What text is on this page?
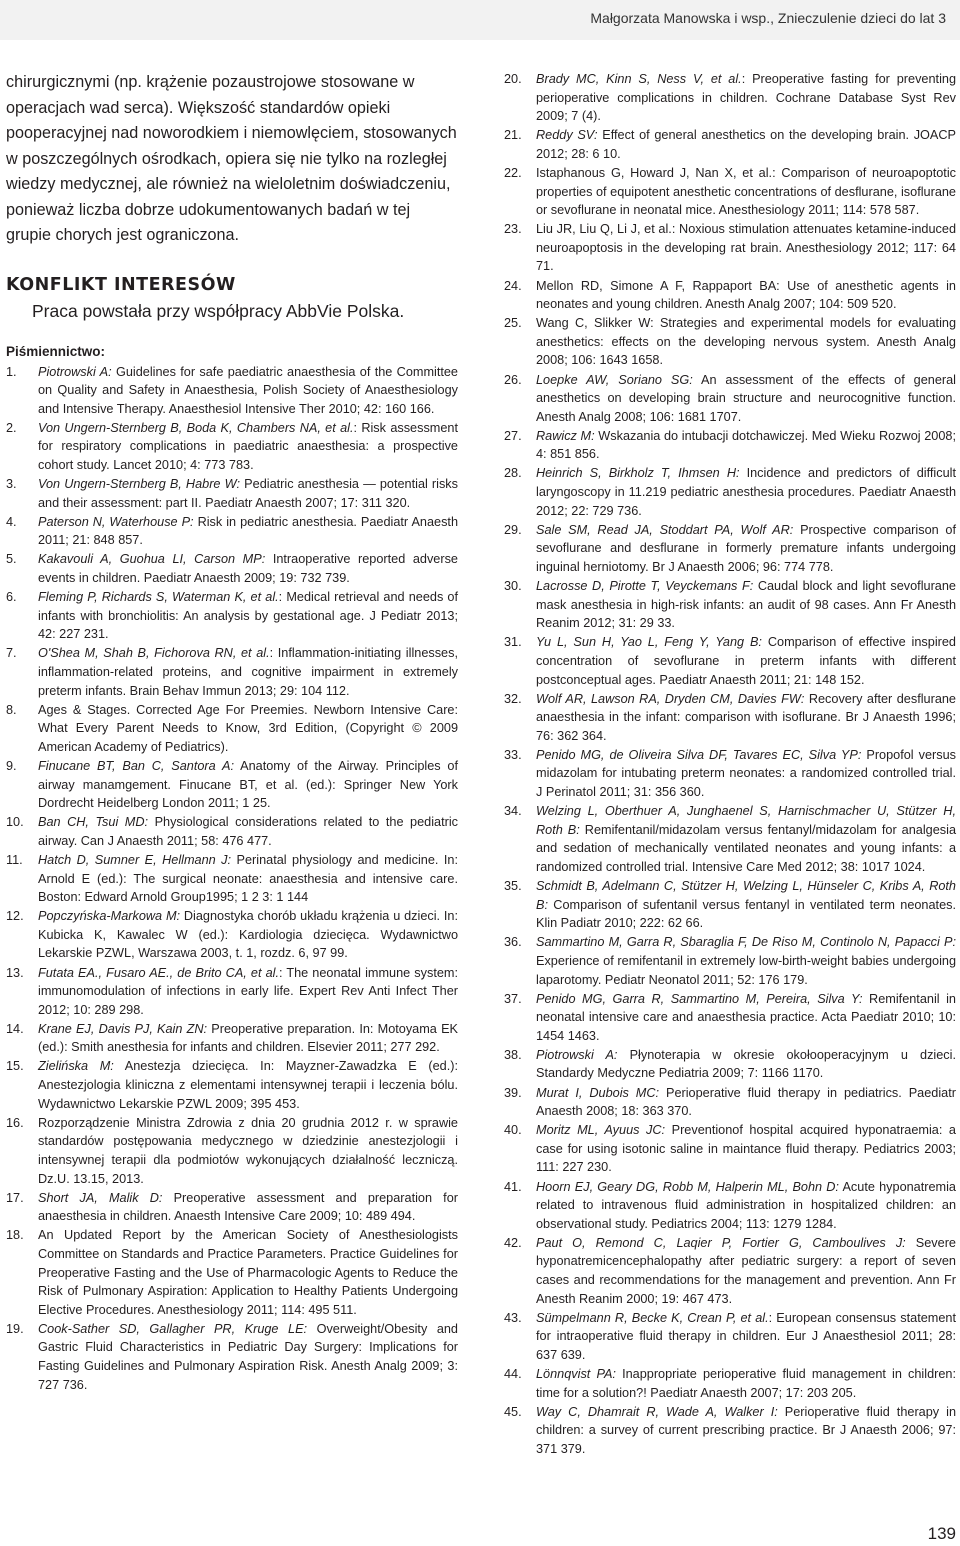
Małgorzata Manowska i wsp., Znieczulenie dzieci do lat 3

chirurgicznymi (np. krążenie pozaustrojowe stosowane w operacjach wad serca). Większość standardów opieki pooperacyjnej nad noworodkiem i niemowlęciem, stosowanych w poszczególnych ośrodkach, opiera się nie tylko na rozległej wiedzy medycznej, ale również na wieloletnim doświadczeniu, ponieważ liczba dobrze udokumentowanych badań w tej grupie chorych jest ograniczona.

KONFLIKT INTERESÓW
Praca powstała przy współpracy AbbVie Polska.
Piśmiennictwo:
1.	Piotrowski A: Guidelines for safe paediatric anaesthesia of the Committee on Quality and Safety in Anaesthesia, Polish Society of Anaesthesiology and Intensive Therapy. Anaesthesiol Intensive Ther 2010; 42: 160 166.
2.	Von Ungern-Sternberg B, Boda K, Chambers NA, et al.: Risk assessment for respiratory complications in paediatric anaesthesia: a prospective cohort study. Lancet 2010; 4: 773 783.
3.	Von Ungern-Sternberg B, Habre W: Pediatric anesthesia — potential risks and their assessment: part II. Paediatr Anaesth 2007; 17: 311 320.
4.	Paterson N, Waterhouse P: Risk in pediatric anesthesia. Paediatr Anaesth 2011; 21: 848 857.
5.	Kakavouli A, Guohua LI, Carson MP: Intraoperative reported adverse events in children. Paediatr Anaesth 2009; 19: 732 739.
6.	Fleming P, Richards S, Waterman K, et al.: Medical retrieval and needs of infants with bronchiolitis: An analysis by gestational age. J Pediatr 2013; 42: 227 231.
7.	O'Shea M, Shah B, Fichorova RN, et al.: Inflammation-initiating illnesses, inflammation-related proteins, and cognitive impairment in extremely preterm infants. Brain Behav Immun 2013; 29: 104 112.
8.	Ages & Stages. Corrected Age For Preemies. Newborn Intensive Care: What Every Parent Needs to Know, 3rd Edition, (Copyright © 2009 American Academy of Pediatrics).
9.	Finucane BT, Ban C, Santora A: Anatomy of the Airway. Principles of airway manamgement. Finucane BT, et al. (ed.): Springer New York Dordrecht Heidelberg London 2011; 1 25.
10.	Ban CH, Tsui MD: Physiological considerations related to the pediatric airway. Can J Anaesth 2011; 58: 476 477.
11.	Hatch D, Sumner E, Hellmann J: Perinatal physiology and medicine. In: Arnold E (ed.): The surgical neonate: anaesthesia and intensive care. Boston: Edward Arnold Group1995; 1 2 3: 1 144
12.	Popczyńska-Markowa M: Diagnostyka chorób układu krążenia u dzieci. In: Kubicka K, Kawalec W (ed.): Kardiologia dziecięca. Wydawnictwo Lekarskie PZWL, Warszawa 2003, t. 1, rozdz. 6, 97 99.
13.	Futata EA., Fusaro AE., de Brito CA, et al.: The neonatal immune system: immunomodulation of infections in early life. Expert Rev Anti Infect Ther 2012; 10: 289 298.
14.	Krane EJ, Davis PJ, Kain ZN: Preoperative preparation. In: Motoyama EK (ed.): Smith anesthesia for infants and children. Elsevier 2011; 277 292.
15.	Zielińska M: Anestezja dziecięca. In: Mayzner-Zawadzka E (ed.): Anestezjologia kliniczna z elementami intensywnej terapii i leczenia bólu. Wydawnictwo Lekarskie PZWL 2009; 395 453.
16.	Rozporządzenie Ministra Zdrowia z dnia 20 grudnia 2012 r. w sprawie standardów postępowania medycznego w dziedzinie anestezjologii i intensywnej terapii dla podmiotów wykonujących działalność leczniczą. Dz.U. 13.15, 2013.
17.	Short JA, Malik D: Preoperative assessment and preparation for anaesthesia in children. Anaesth Intensive Care 2009; 10: 489 494.
18.	An Updated Report by the American Society of Anesthesiologists Committee on Standards and Practice Parameters. Practice Guidelines for Preoperative Fasting and the Use of Pharmacologic Agents to Reduce the Risk of Pulmonary Aspiration: Application to Healthy Patients Undergoing Elective Procedures. Anesthesiology 2011; 114: 495 511.
19.	Cook-Sather SD, Gallagher PR, Kruge LE: Overweight/Obesity and Gastric Fluid Characteristics in Pediatric Day Surgery: Implications for Fasting Guidelines and Pulmonary Aspiration Risk. Anesth Analg 2009; 3: 727 736.
20.	Brady MC, Kinn S, Ness V, et al.: Preoperative fasting for preventing perioperative complications in children. Cochrane Database Syst Rev 2009; 7 (4).
21.	Reddy SV: Effect of general anesthetics on the developing brain. JOACP 2012; 28: 6 10.
22.	Istaphanous G, Howard J, Nan X, et al.: Comparison of neuroapoptotic properties of equipotent anesthetic concentrations of desflurane, isoflurane or sevoflurane in neonatal mice. Anesthesiology 2011; 114: 578 587.
23.	Liu JR, Liu Q, Li J, et al.: Noxious stimulation attenuates ketamine-induced neuroapoptosis in the developing rat brain. Anesthesiology 2012; 117: 64 71.
24.	Mellon RD, Simone A F, Rappaport BA: Use of anesthetic agents in neonates and young children. Anesth Analg 2007; 104: 509 520.
25.	Wang C, Slikker W: Strategies and experimental models for evaluating anesthetics: effects on the developing nervous system. Anesth Analg 2008; 106: 1643 1658.
26.	Loepke AW, Soriano SG: An assessment of the effects of general anesthetics on developing brain structure and neurocognitive function. Anesth Analg 2008; 106: 1681 1707.
27.	Rawicz M: Wskazania do intubacji dotchawiczej. Med Wieku Rozwoj 2008; 4: 851 856.
28.	Heinrich S, Birkholz T, Ihmsen H: Incidence and predictors of difficult laryngoscopy in 11.219 pediatric anesthesia procedures. Paediatr Anaesth 2012; 22: 729 736.
29.	Sale SM, Read JA, Stoddart PA, Wolf AR: Prospective comparison of sevoflurane and desflurane in formerly premature infants undergoing inguinal herniotomy. Br J Anaesth 2006; 96: 774 778.
30.	Lacrosse D, Pirotte T, Veyckemans F: Caudal block and light sevoflurane mask anesthesia in high-risk infants: an audit of 98 cases. Ann Fr Anesth Reanim 2012; 31: 29 33.
31.	Yu L, Sun H, Yao L, Feng Y, Yang B: Comparison of effective inspired concentration of sevoflurane in preterm infants with different postconceptual ages. Paediatr Anaesth 2011; 21: 148 152.
32.	Wolf AR, Lawson RA, Dryden CM, Davies FW: Recovery after desflurane anaesthesia in the infant: comparison with isoflurane. Br J Anaesth 1996; 76: 362 364.
33.	Penido MG, de Oliveira Silva DF, Tavares EC, Silva YP: Propofol versus midazolam for intubating preterm neonates: a randomized controlled trial. J Perinatol 2011; 31: 356 360.
34.	Welzing L, Oberthuer A, Junghaenel S, Harnischmacher U, Stützer H, Roth B: Remifentanil/midazolam versus fentanyl/midazolam for analgesia and sedation of mechanically ventilated neonates and young infants: a randomized controlled trial. Intensive Care Med 2012; 38: 1017 1024.
35.	Schmidt B, Adelmann C, Stützer H, Welzing L, Hünseler C, Kribs A, Roth B: Comparison of sufentanil versus fentanyl in ventilated term neonates. Klin Padiatr 2010; 222: 62 66.
36.	Sammartino M, Garra R, Sbaraglia F, De Riso M, Continolo N, Papacci P: Experience of remifentanil in extremely low-birth-weight babies undergoing laparotomy. Pediatr Neonatol 2011; 52: 176 179.
37.	Penido MG, Garra R, Sammartino M, Pereira, Silva Y: Remifentanil in neonatal intensive care and anaesthesia practice. Acta Paediatr 2010; 10: 1454 1463.
38.	Piotrowski A: Płynoterapia w okresie okołooperacyjnym u dzieci. Standardy Medyczne Pediatria 2009; 7: 1166 1170.
39.	Murat I, Dubois MC: Perioperative fluid therapy in pediatrics. Paediatr Anaesth 2008; 18: 363 370.
40.	Moritz ML, Ayuus JC: Preventionof hospital acquired hyponatraemia: a case for using isotonic saline in maintance fluid therapy. Pediatrics 2003; 111: 227 230.
41.	Hoorn EJ, Geary DG, Robb M, Halperin ML, Bohn D: Acute hyponatremia related to intravenous fluid administration in hospitalized children: an observational study. Pediatrics 2004; 113: 1279 1284.
42.	Paut O, Remond C, Laqier P, Fortier G, Camboulives J: Severe hyponatremicencephalopathy after pediatric surgery: a report of seven cases and recommendations for the management and prevention. Ann Fr Anesth Reanim 2000; 19: 467 473.
43.	Sümpelmann R, Becke K, Crean P, et al.: European consensus statement for intraoperative fluid therapy in children. Eur J Anaesthesiol 2011; 28: 637 639.
44.	Lönnqvist PA: Inappropriate perioperative fluid management in children: time for a solution?! Paediatr Anaesth 2007; 17: 203 205.
45.	Way C, Dhamrait R, Wade A, Walker I: Perioperative fluid therapy in children: a survey of current prescribing practice. Br J Anaesth 2006; 97: 371 379.
139
